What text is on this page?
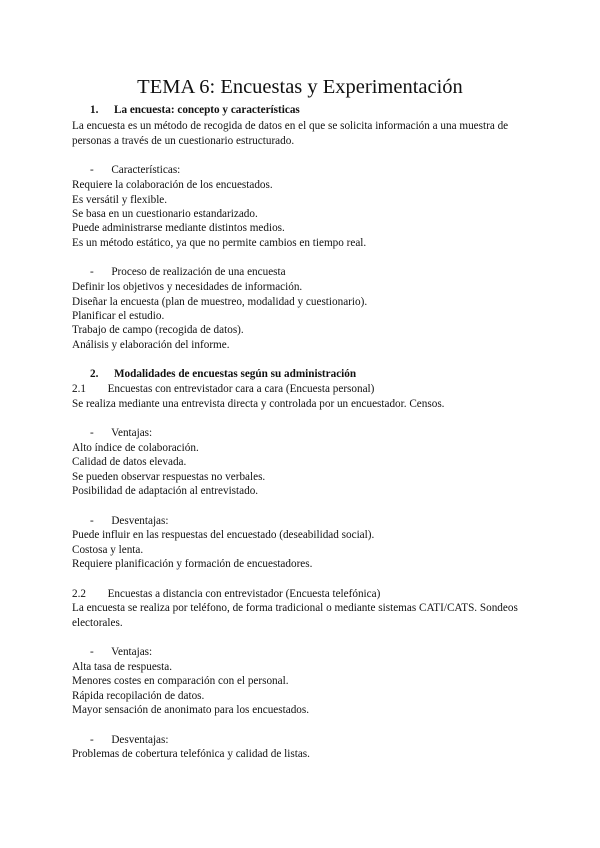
TEMA 6: Encuestas y Experimentación
1. La encuesta: concepto y características
La encuesta es un método de recogida de datos en el que se solicita información a una muestra de
personas a través de un cuestionario estructurado.
- Características:
Requiere la colaboración de los encuestados.
Es versátil y flexible.
Se basa en un cuestionario estandarizado.
Puede administrarse mediante distintos medios.
Es un método estático, ya que no permite cambios en tiempo real.
- Proceso de realización de una encuesta
Definir los objetivos y necesidades de información.
Diseñar la encuesta (plan de muestreo, modalidad y cuestionario).
Planificar el estudio.
Trabajo de campo (recogida de datos).
Análisis y elaboración del informe.
2. Modalidades de encuestas según su administración
2.1 Encuestas con entrevistador cara a cara (Encuesta personal)
Se realiza mediante una entrevista directa y controlada por un encuestador. Censos.
- Ventajas:
Alto índice de colaboración.
Calidad de datos elevada.
Se pueden observar respuestas no verbales.
Posibilidad de adaptación al entrevistado.
- Desventajas:
Puede influir en las respuestas del encuestado (deseabilidad social).
Costosa y lenta.
Requiere planificación y formación de encuestadores.
2.2 Encuestas a distancia con entrevistador (Encuesta telefónica)
La encuesta se realiza por teléfono, de forma tradicional o mediante sistemas CATI/CATS. Sondeos
electorales.
- Ventajas:
Alta tasa de respuesta.
Menores costes en comparación con el personal.
Rápida recopilación de datos.
Mayor sensación de anonimato para los encuestados.
- Desventajas:
Problemas de cobertura telefónica y calidad de listas.
